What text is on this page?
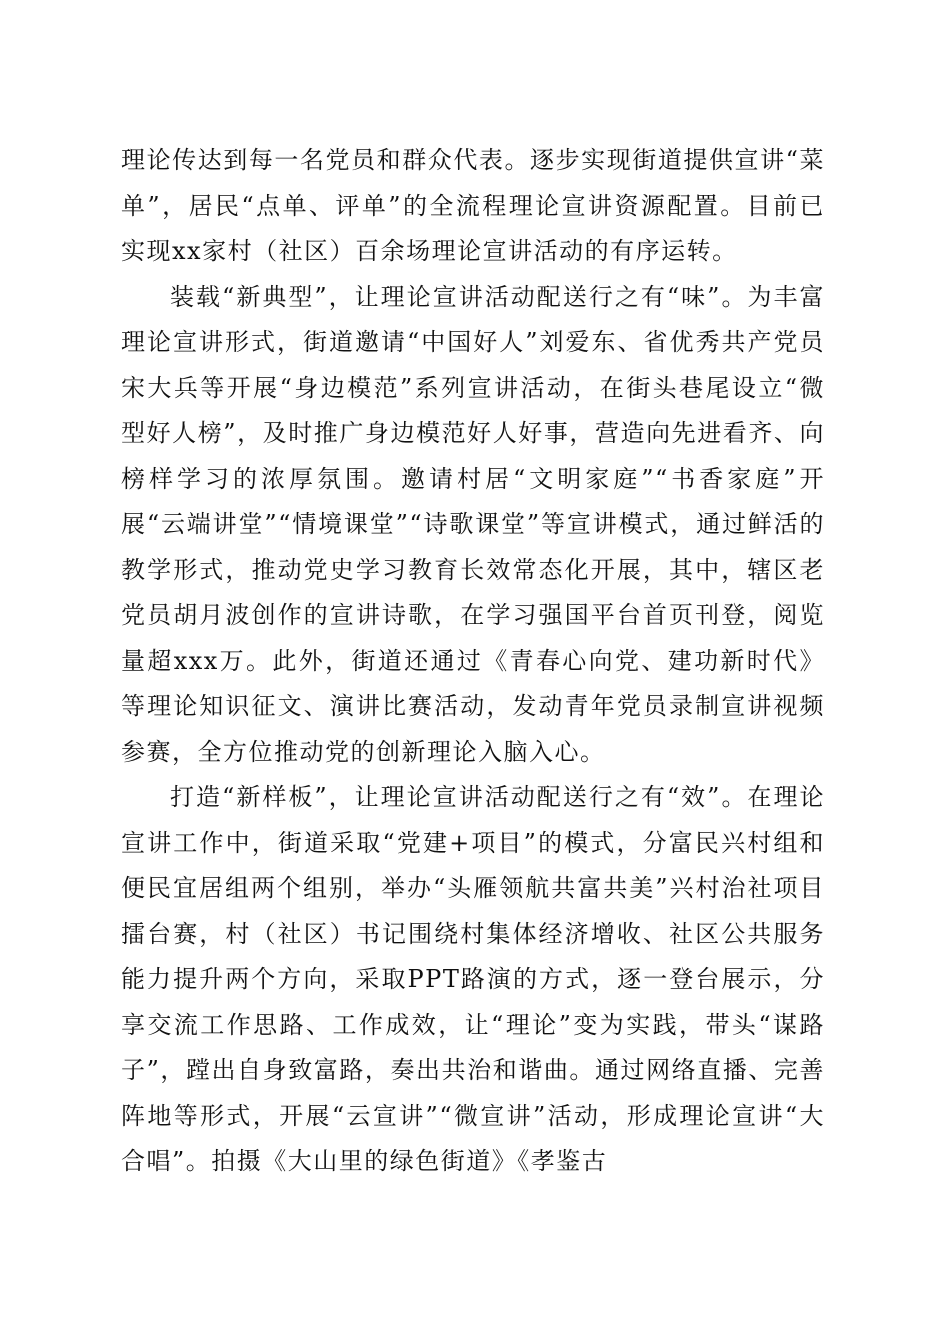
理论传达到每一名党员和群众代表。逐步实现街道提供宣讲“菜单”，居民“点单、评单”的全流程理论宣讲资源配置。目前已实现xx家村（社区）百余场理论宣讲活动的有序运转。

装载“新典型”，让理论宣讲活动配送行之有“味”。为丰富理论宣讲形式，街道邀请“中国好人”刘爱东、省优秀共产党员宋大兵等开展“身边模范”系列宣讲活动，在街头巷尾设立“微型好人榜”，及时推广身边模范好人好事，营造向先进看齐、向榜样学习的浓厚氛围。邀请村居“文明家庭”“书香家庭”开展“云端讲堂”“情境课堂”“诗歌课堂”等宣讲模式，通过鲜活的教学形式，推动党史学习教育长效常态化开展，其中，辖区老党员胡月波创作的宣讲诗歌，在学习强国平台首页刊登，阅览量超xxx万。此外，街道还通过《青春心向党、建功新时代》等理论知识征文、演讲比赛活动，发动青年党员录制宣讲视频参赛，全方位推动党的创新理论入脑入心。

打造“新样板”，让理论宣讲活动配送行之有“效”。在理论宣讲工作中，街道采取“党建+项目”的模式，分富民兴村组和便民宜居组两个组别，举办“头雁领航共富共美”兴村治社项目擂台赛，村（社区）书记围绕村集体经济增收、社区公共服务能力提升两个方向，采取PPT路演的方式，逐一登台展示，分享交流工作思路、工作成效，让“理论”变为实践，带头“谋路子”，蹚出自身致富路，奏出共治和谐曲。通过网络直播、完善阵地等形式，开展“云宣讲”“微宣讲”活动，形成理论宣讲“大合唱”。拍摄《大山里的绿色街道》《孝鉴古
